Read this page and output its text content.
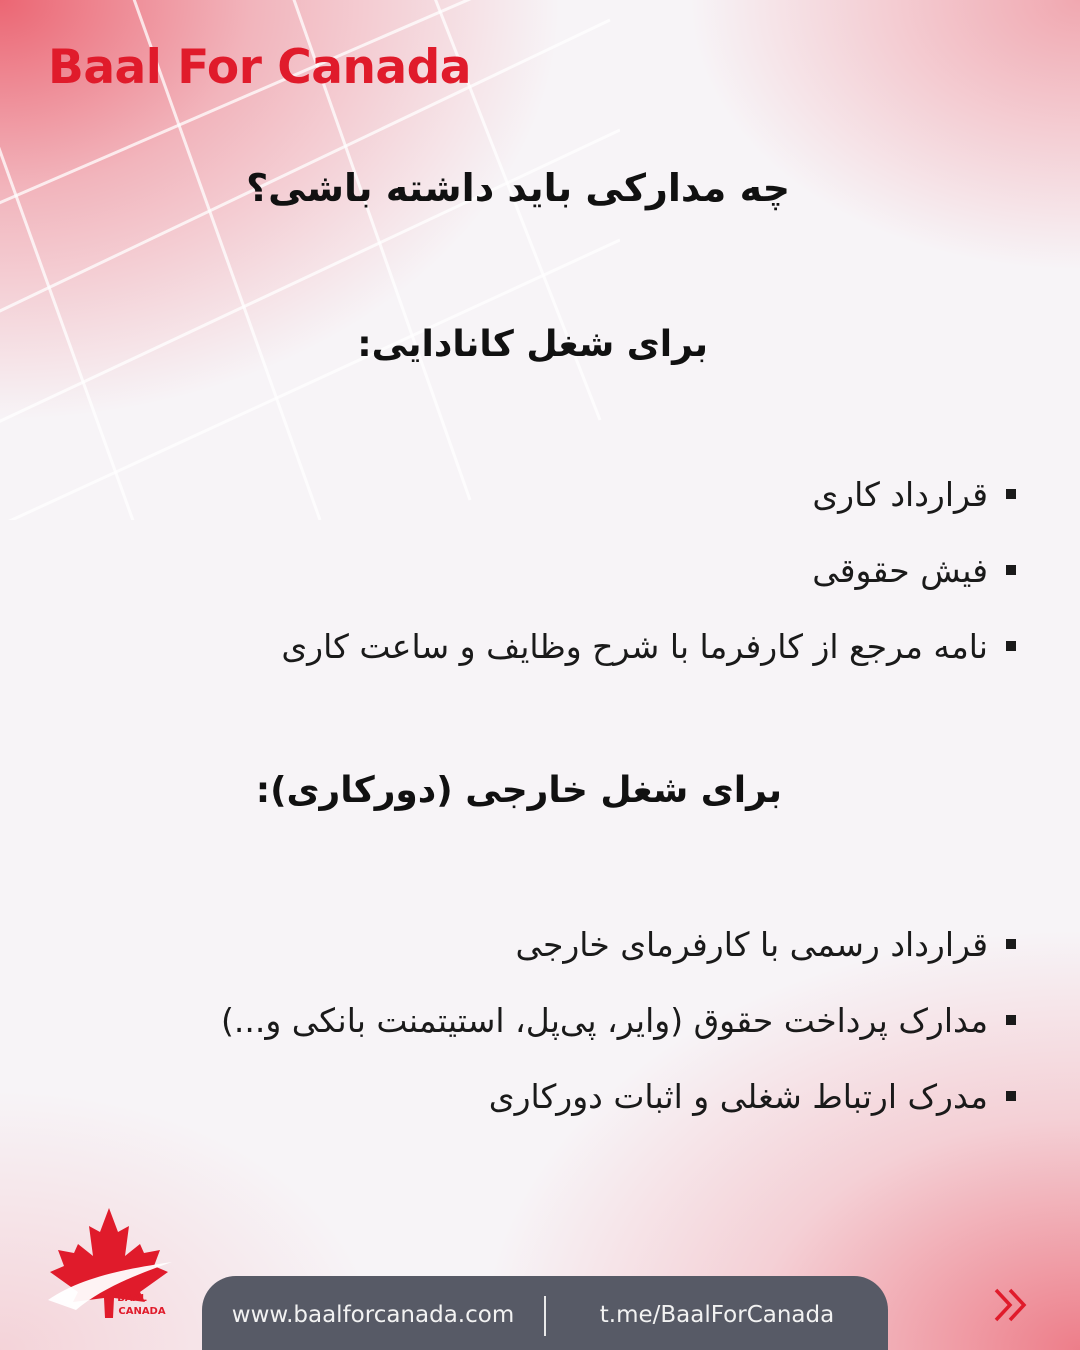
Baal For Canada
چه مدارکی باید داشته باشی؟
برای شغل کانادایی:
قرارداد کاری
فیش حقوقی
نامه مرجع از کارفرما با شرح وظایف و ساعت کاری
برای شغل خارجی (دورکاری):
قرارداد رسمی با کارفرمای خارجی
مدارک پرداخت حقوق (وایر، پی‌پل، استیتمنت بانکی و...)
مدرک ارتباط شغلی و اثبات دورکاری
BAAL
CANADA	www.baalforcanada.com	t.me/BaalForCanada
